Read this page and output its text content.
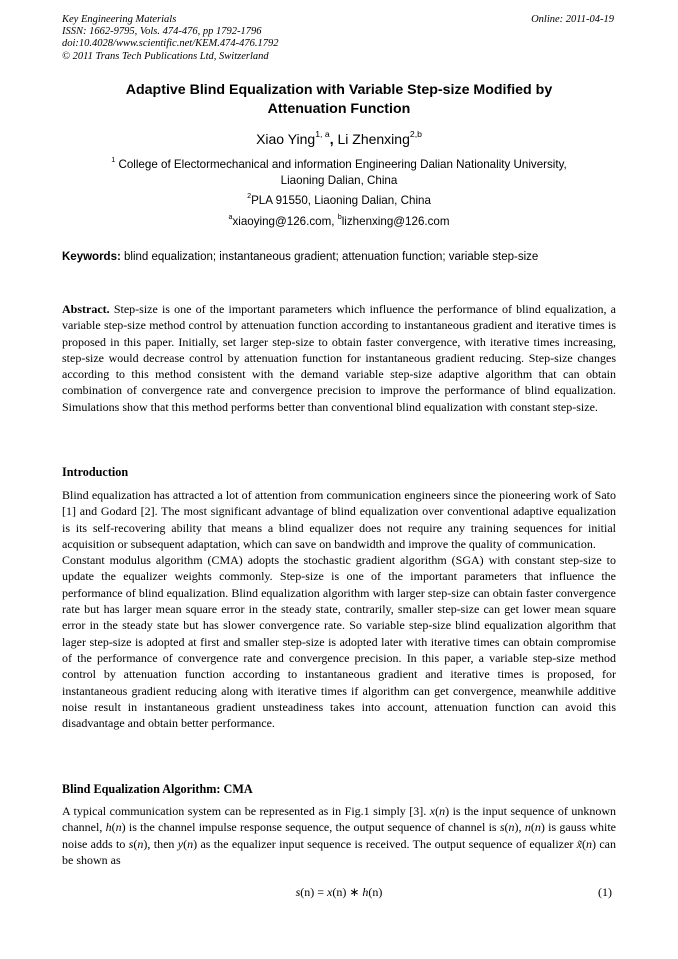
Key Engineering Materials
ISSN: 1662-9795, Vols. 474-476, pp 1792-1796
doi:10.4028/www.scientific.net/KEM.474-476.1792
© 2011 Trans Tech Publications Ltd, Switzerland
Online: 2011-04-19
Adaptive Blind Equalization with Variable Step-size Modified by
Attenuation Function
Xiao Ying$^{1, a}$, Li Zhenxing$^{2,b}$
$^1$ College of Electormechanical and information Engineering Dalian Nationality University,
Liaoning Dalian, China
$^2$PLA 91550, Liaoning Dalian, China
$^a$xiaoying@126.com, $^b$lizhenxing@126.com
Keywords: blind equalization; instantaneous gradient; attenuation function; variable step-size
Abstract. Step-size is one of the important parameters which influence the performance of blind equalization, a variable step-size method control by attenuation function according to instantaneous gradient and iterative times is proposed in this paper. Initially, set larger step-size to obtain faster convergence, with iterative times increasing, step-size would decrease control by attenuation function for instantaneous gradient reducing. Step-size changes according to this method consistent with the demand variable step-size adaptive algorithm that can obtain combination of convergence rate and convergence precision to improve the performance of blind equalization. Simulations show that this method performs better than conventional blind equalization with constant step-size.
Introduction

Blind equalization has attracted a lot of attention from communication engineers since the pioneering work of Sato [1] and Godard [2]. The most significant advantage of blind equalization over conventional adaptive equalization is its self-recovering ability that means a blind equalizer does not require any training sequences for initial acquisition or subsequent adaptation, which can save on bandwidth and improve the quality of communication.

Constant modulus algorithm (CMA) adopts the stochastic gradient algorithm (SGA) with constant step-size to update the equalizer weights commonly. Step-size is one of the important parameters that influence the performance of blind equalization. Blind equalization algorithm with larger step-size can obtain faster convergence rate but has larger mean square error in the steady state, contrarily, smaller step-size can get lower mean square error in the steady state but has slower convergence rate. So variable step-size blind equalization algorithm that lager step-size is adopted at first and smaller step-size is adopted later with iterative times can obtain compromise of the performance of convergence rate and convergence precision. In this paper, a variable step-size method control by attenuation function according to instantaneous gradient and iterative times is proposed, for instantaneous gradient reducing along with iterative times if algorithm can get convergence, meanwhile additive noise result in instantaneous gradient unsteadiness takes into account, attenuation function can avoid this disadvantage and obtain better performance.

Blind Equalization Algorithm: CMA

A typical communication system can be represented as in Fig.1 simply [3]. x(n) is the input sequence of unknown channel, h(n) is the channel impulse response sequence, the output sequence of channel is s(n), n(n) is gauss white noise adds to s(n), then y(n) as the equalizer input sequence is received. The output sequence of equalizer x̃(n) can be shown as

s(n) = x(n) ∗ h(n)	(1)
